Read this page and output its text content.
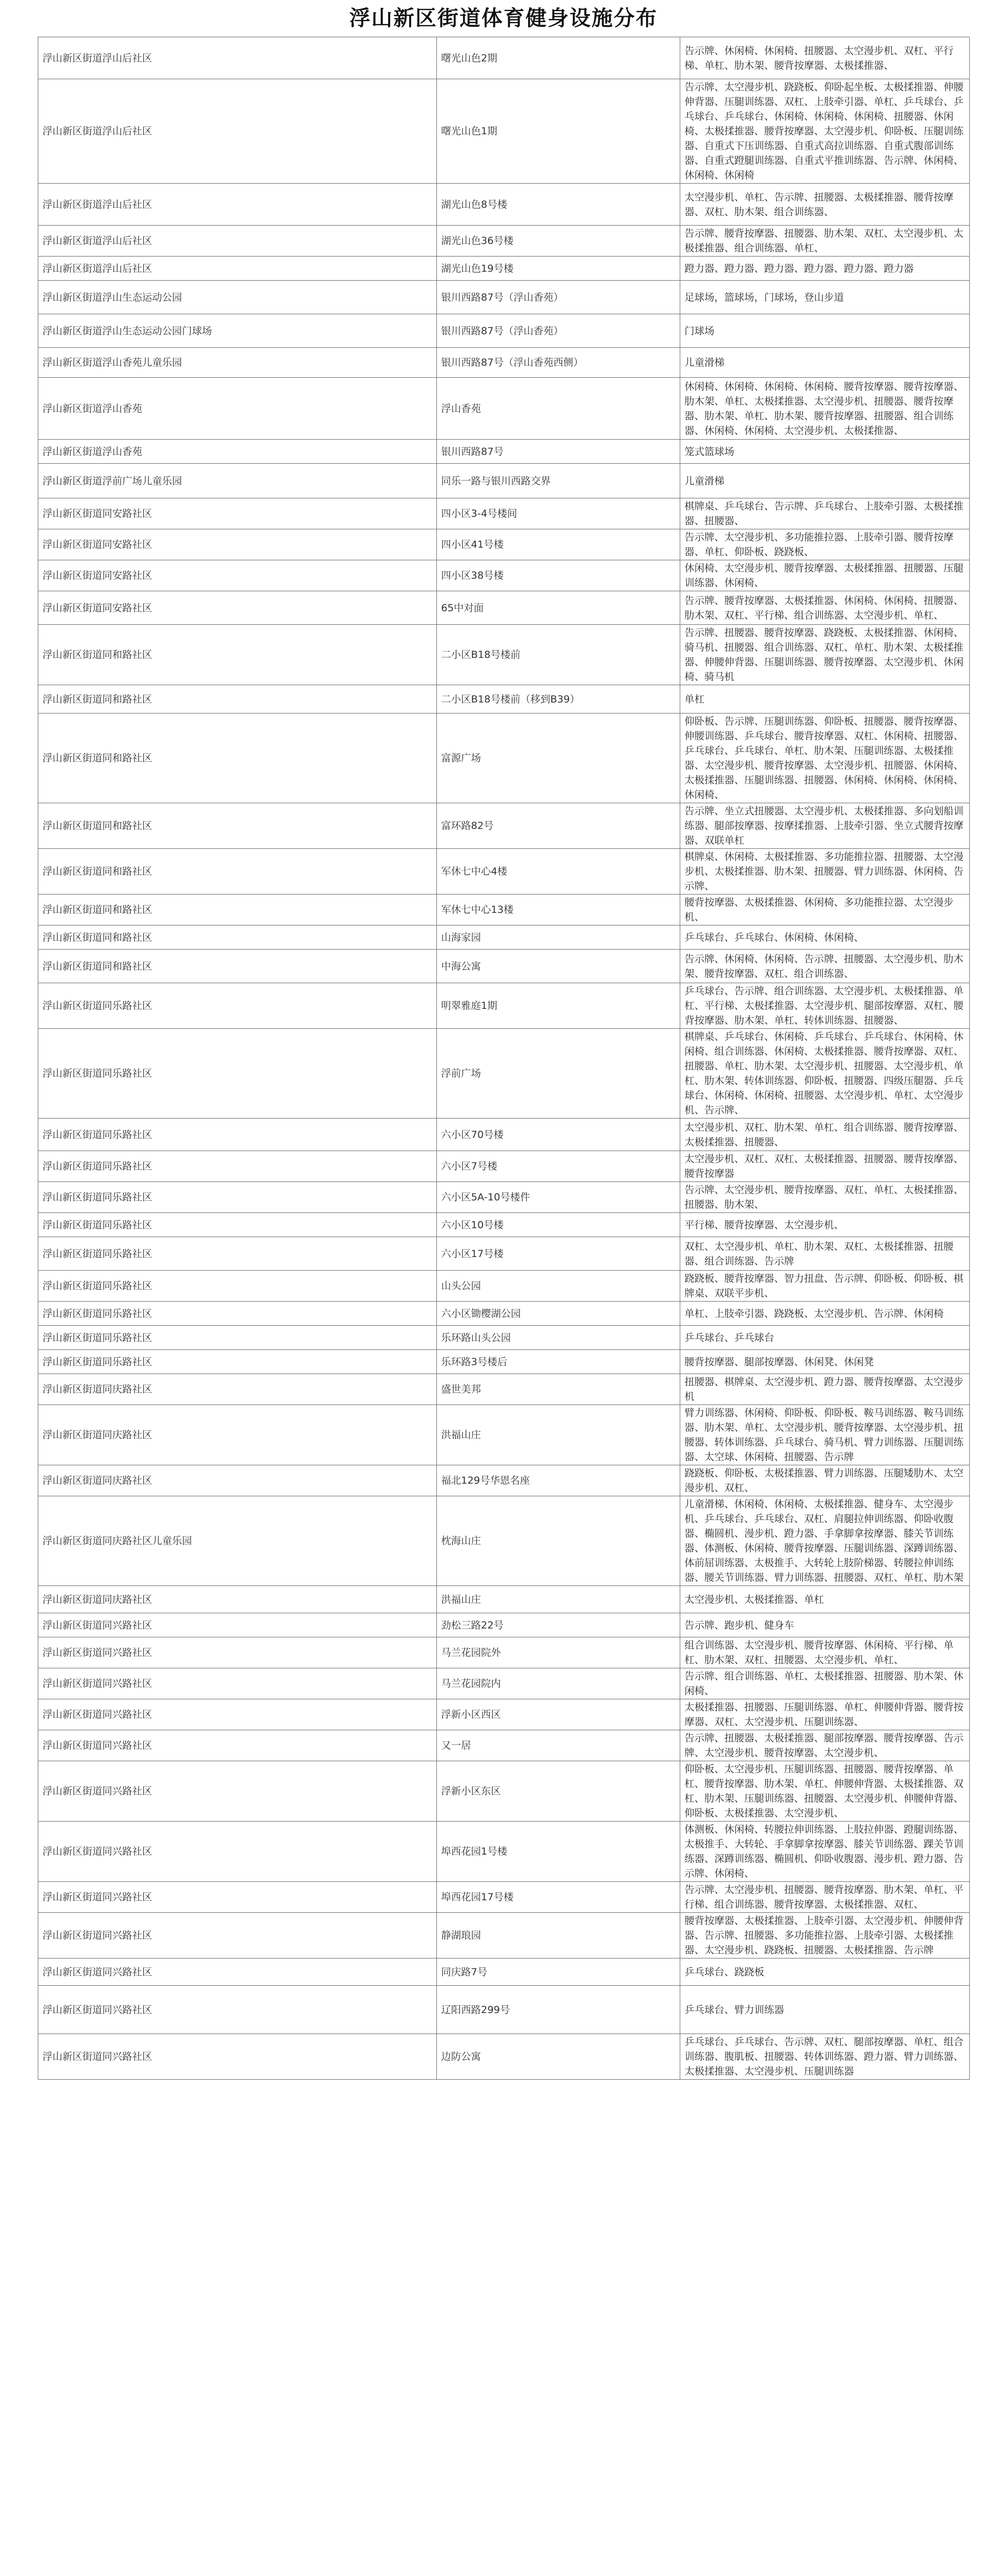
浮山新区街道体育健身设施分布
浮山新区街道浮山后社区	曙光山色2期	告示牌、休闲椅、休闲椅、扭腰器、太空漫步机、双杠、平行梯、单杠、肋木架、腰背按摩器、太极揉推器、
浮山新区街道浮山后社区	曙光山色1期	告示牌、太空漫步机、跷跷板、仰卧起坐板、太极揉推器、伸腰伸背器、压腿训练器、双杠、上肢牵引器、单杠、乒乓球台、乒乓球台、乒乓球台、休闲椅、休闲椅、休闲椅、扭腰器、休闲椅、太极揉推器、腰背按摩器、太空漫步机、仰卧板、压腿训练器、自重式下压训练器、自重式高拉训练器、自重式腹部训练器、自重式蹬腿训练器、自重式平推训练器、告示牌、休闲椅、休闲椅、休闲椅
浮山新区街道浮山后社区	湖光山色8号楼	太空漫步机、单杠、告示牌、扭腰器、太极揉推器、腰背按摩器、双杠、肋木架、组合训练器、
浮山新区街道浮山后社区	湖光山色36号楼	告示牌、腰背按摩器、扭腰器、肋木架、双杠、太空漫步机、太极揉推器、组合训练器、单杠、
浮山新区街道浮山后社区	湖光山色19号楼	蹬力器、蹬力器、蹬力器、蹬力器、蹬力器、蹬力器
浮山新区街道浮山生态运动公园	银川西路87号（浮山香苑）	足球场，篮球场，门球场，登山步道
浮山新区街道浮山生态运动公园门球场	银川西路87号（浮山香苑）	门球场
浮山新区街道浮山香苑儿童乐园	银川西路87号（浮山香苑西侧）	儿童滑梯
浮山新区街道浮山香苑	浮山香苑	休闲椅、休闲椅、休闲椅、休闲椅、腰背按摩器、腰背按摩器、肋木架、单杠、太极揉推器、太空漫步机、扭腰器、腰背按摩器、肋木架、单杠、肋木架、腰背按摩器、扭腰器、组合训练器、休闲椅、休闲椅、太空漫步机、太极揉推器、
浮山新区街道浮山香苑	银川西路87号	笼式篮球场
浮山新区街道浮前广场儿童乐园	同乐一路与银川西路交界	儿童滑梯
浮山新区街道同安路社区	四小区3-4号楼间	棋牌桌、乒乓球台、告示牌、乒乓球台、上肢牵引器、太极揉推器、扭腰器、
浮山新区街道同安路社区	四小区41号楼	告示牌、太空漫步机、多功能推拉器、上肢牵引器、腰背按摩器、单杠、仰卧板、跷跷板、
浮山新区街道同安路社区	四小区38号楼	休闲椅、太空漫步机、腰背按摩器、太极揉推器、扭腰器、压腿训练器、休闲椅、
浮山新区街道同安路社区	65中对面	告示牌、腰背按摩器、太极揉推器、休闲椅、休闲椅、扭腰器、肋木架、双杠、平行梯、组合训练器、太空漫步机、单杠、
浮山新区街道同和路社区	二小区B18号楼前	告示牌、扭腰器、腰背按摩器、跷跷板、太极揉推器、休闲椅、骑马机、扭腰器、组合训练器、双杠、单杠、肋木架、太极揉推器、伸腰伸背器、压腿训练器、腰背按摩器、太空漫步机、休闲椅、骑马机
浮山新区街道同和路社区	二小区B18号楼前（移到B39）	单杠
浮山新区街道同和路社区	富源广场	仰卧板、告示牌、压腿训练器、仰卧板、扭腰器、腰背按摩器、伸腰训练器、乒乓球台、腰背按摩器、双杠、休闲椅、扭腰器、乒乓球台、乒乓球台、单杠、肋木架、压腿训练器、太极揉推器、太空漫步机、腰背按摩器、太空漫步机、扭腰器、休闲椅、太极揉推器、压腿训练器、扭腰器、休闲椅、休闲椅、休闲椅、休闲椅、
浮山新区街道同和路社区	富环路82号	告示牌、坐立式扭腰器、太空漫步机、太极揉推器、多向划船训练器、腿部按摩器、按摩揉推器、上肢牵引器、坐立式腰背按摩器、双联单杠
浮山新区街道同和路社区	军休七中心4楼	棋牌桌、休闲椅、太极揉推器、多功能推拉器、扭腰器、太空漫步机、太极揉推器、肋木架、扭腰器、臂力训练器、休闲椅、告示牌、
浮山新区街道同和路社区	军休七中心13楼	腰背按摩器、太极揉推器、休闲椅、多功能推拉器、太空漫步机、
浮山新区街道同和路社区	山海家园	乒乓球台、乒乓球台、休闲椅、休闲椅、
浮山新区街道同和路社区	中海公寓	告示牌、休闲椅、休闲椅、告示牌、扭腰器、太空漫步机、肋木架、腰背按摩器、双杠、组合训练器、
浮山新区街道同乐路社区	明翠雅庭1期	乒乓球台、告示牌、组合训练器、太空漫步机、太极揉推器、单杠、平行梯、太极揉推器、太空漫步机、腿部按摩器、双杠、腰背按摩器、肋木架、单杠、转体训练器、扭腰器、
浮山新区街道同乐路社区	浮前广场	棋牌桌、乒乓球台、休闲椅、乒乓球台、乒乓球台、休闲椅、休闲椅、组合训练器、休闲椅、太极揉推器、腰背按摩器、双杠、扭腰器、单杠、肋木架、太空漫步机、扭腰器、太空漫步机、单杠、肋木架、转体训练器、仰卧板、扭腰器、四级压腿器、乒乓球台、休闲椅、休闲椅、扭腰器、太空漫步机、单杠、太空漫步机、告示牌、
浮山新区街道同乐路社区	六小区70号楼	太空漫步机、双杠、肋木架、单杠、组合训练器、腰背按摩器、太极揉推器、扭腰器、
浮山新区街道同乐路社区	六小区7号楼	太空漫步机、双杠、双杠、太极揉推器、扭腰器、腰背按摩器、腰背按摩器
浮山新区街道同乐路社区	六小区5A-10号楼件	告示牌、太空漫步机、腰背按摩器、双杠、单杠、太极揉推器、扭腰器、肋木架、
浮山新区街道同乐路社区	六小区10号楼	平行梯、腰背按摩器、太空漫步机、
浮山新区街道同乐路社区	六小区17号楼	双杠、太空漫步机、单杠、肋木架、双杠、太极揉推器、扭腰器、组合训练器、告示牌
浮山新区街道同乐路社区	山头公园	跷跷板、腰背按摩器、智力扭盘、告示牌、仰卧板、仰卧板、棋牌桌、双联平步机、
浮山新区街道同乐路社区	六小区锄樱湖公园	单杠、上肢牵引器、跷跷板、太空漫步机、告示牌、休闲椅
浮山新区街道同乐路社区	乐环路山头公园	乒乓球台、乒乓球台
浮山新区街道同乐路社区	乐环路3号楼后	腰背按摩器、腿部按摩器、休闲凳、休闲凳
浮山新区街道同庆路社区	盛世美邦	扭腰器、棋牌桌、太空漫步机、蹬力器、腰背按摩器、太空漫步机
浮山新区街道同庆路社区	洪福山庄	臂力训练器、休闲椅、仰卧板、仰卧板、鞍马训练器、鞍马训练器、肋木架、单杠、太空漫步机、腰背按摩器、太空漫步机、扭腰器、转体训练器、乒乓球台、骑马机、臂力训练器、压腿训练器、太空球、休闲椅、扭腰器、告示牌
浮山新区街道同庆路社区	福北129号华恩名座	跷跷板、仰卧板、太极揉推器、臂力训练器、压腿矮肋木、太空漫步机、双杠、
浮山新区街道同庆路社区儿童乐园	枕海山庄	儿童滑梯、休闲椅、休闲椅、太极揉推器、健身车、太空漫步机、乒乓球台、乒乓球台、双杠、肩腿拉伸训练器、仰卧收腹器、椭圆机、漫步机、蹬力器、手拿脚拿按摩器、膝关节训练器、体测板、休闲椅、腰背按摩器、压腿训练器、深蹲训练器、体前屈训练器、太极推手、大转轮上肢阶梯器、转腰拉伸训练器、腰关节训练器、臂力训练器、扭腰器、双杠、单杠、肋木架
浮山新区街道同庆路社区	洪福山庄	太空漫步机、太极揉推器、单杠
浮山新区街道同兴路社区	劲松三路22号	告示牌、跑步机、健身车
浮山新区街道同兴路社区	马兰花园院外	组合训练器、太空漫步机、腰背按摩器、休闲椅、平行梯、单杠、肋木架、双杠、扭腰器、太空漫步机、单杠、
浮山新区街道同兴路社区	马兰花园院内	告示牌、组合训练器、单杠、太极揉推器、扭腰器、肋木架、休闲椅、
浮山新区街道同兴路社区	浮新小区西区	太极揉推器、扭腰器、压腿训练器、单杠、伸腰伸背器、腰背按摩器、双杠、太空漫步机、压腿训练器、
浮山新区街道同兴路社区	又一居	告示牌、扭腰器、太极揉推器、腿部按摩器、腰背按摩器、告示牌、太空漫步机、腰背按摩器、太空漫步机、
浮山新区街道同兴路社区	浮新小区东区	仰卧板、太空漫步机、压腿训练器、扭腰器、腰背按摩器、单杠、腰背按摩器、肋木架、单杠、伸腰伸背器、太极揉推器、双杠、肋木架、压腿训练器、扭腰器、太空漫步机、伸腰伸背器、仰卧板、太极揉推器、太空漫步机、
浮山新区街道同兴路社区	埠西花园1号楼	体测板、休闲椅、转腰拉伸训练器、上肢拉伸器、蹬腿训练器、太极推手、大转轮、手拿脚拿按摩器、膝关节训练器、踝关节训练器、深蹲训练器、椭圆机、仰卧收腹器、漫步机、蹬力器、告示牌、休闲椅、
浮山新区街道同兴路社区	埠西花园17号楼	告示牌、太空漫步机、扭腰器、腰背按摩器、肋木架、单杠、平行梯、组合训练器、腰背按摩器、太极揉推器、双杠、
浮山新区街道同兴路社区	静湖琅园	腰背按摩器、太极揉推器、上肢牵引器、太空漫步机、伸腰伸背器、告示牌、扭腰器、多功能推拉器、上肢牵引器、太极揉推器、太空漫步机、跷跷板、扭腰器、太极揉推器、告示牌
浮山新区街道同兴路社区	同庆路7号	乒乓球台、跷跷板
浮山新区街道同兴路社区	辽阳西路299号	乒乓球台、臂力训练器
浮山新区街道同兴路社区	边防公寓	乒乓球台、乒乓球台、告示牌、双杠、腿部按摩器、单杠、组合训练器、腹肌板、扭腰器、转体训练器、蹬力器、臂力训练器、太极揉推器、太空漫步机、压腿训练器
